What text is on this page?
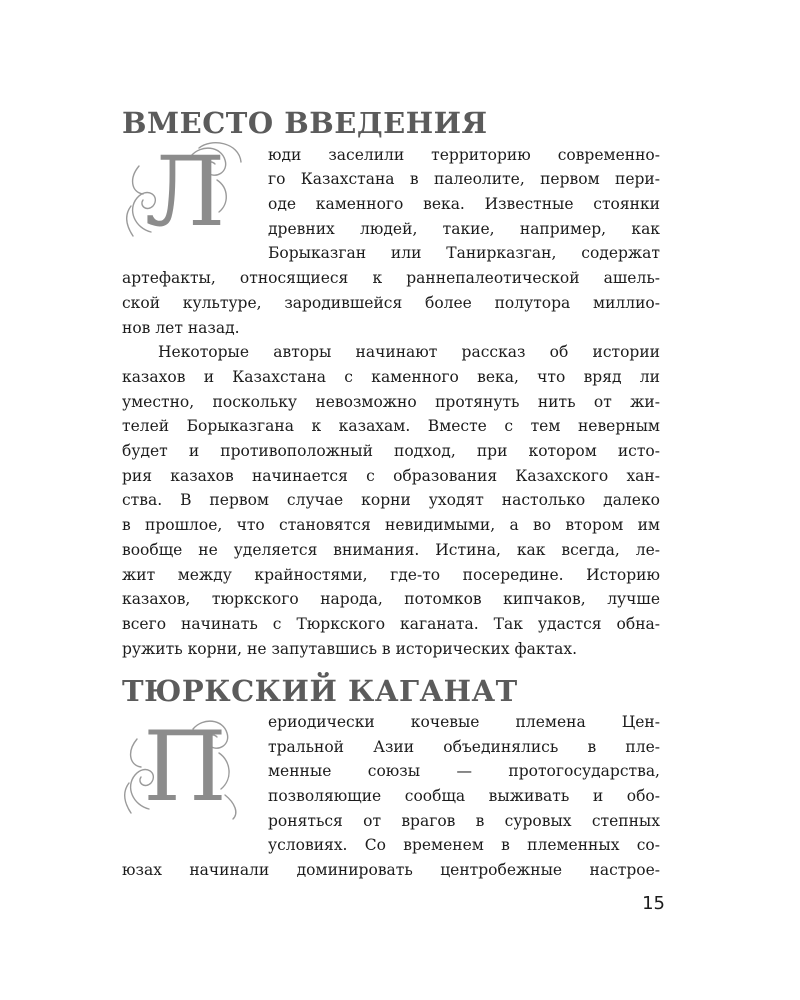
ВМЕСТО ВВЕДЕНИЯ
Л	юди заселили территорию современно-

го Казахстана в палеолите, первом пери-

оде каменного века. Известные стоянки

древних людей, такие, например, как

Борыказган или Танирказган, содержат

артефакты, относящиеся к раннепалеотической ашель-

ской культуре, зародившейся более полутора миллио-

нов лет назад.

Некоторые авторы начинают рассказ об истории

казахов и Казахстана с каменного века, что вряд ли

уместно, поскольку невозможно протянуть нить от жи-

телей Борыказгана к казахам. Вместе с тем неверным

будет и противоположный подход, при котором исто-

рия казахов начинается с образования Казахского хан-

ства. В первом случае корни уходят настолько далеко

в прошлое, что становятся невидимыми, а во втором им

вообще не уделяется внимания. Истина, как всегда, ле-

жит между крайностями, где-то посередине. Историю

казахов, тюркского народа, потомков кипчаков, лучше

всего начинать с Тюркского каганата. Так удастся обна-

ружить корни, не запутавшись в исторических фактах.

ТЮРКСКИЙ КАГАНАТ
П	ериодически кочевые племена Цен-

тральной Азии объединялись в пле-

менные союзы — протогосударства,

позволяющие сообща выживать и обо-

роняться от врагов в суровых степных

условиях. Со временем в племенных со-

юзах начинали доминировать центробежные настрое-

15
